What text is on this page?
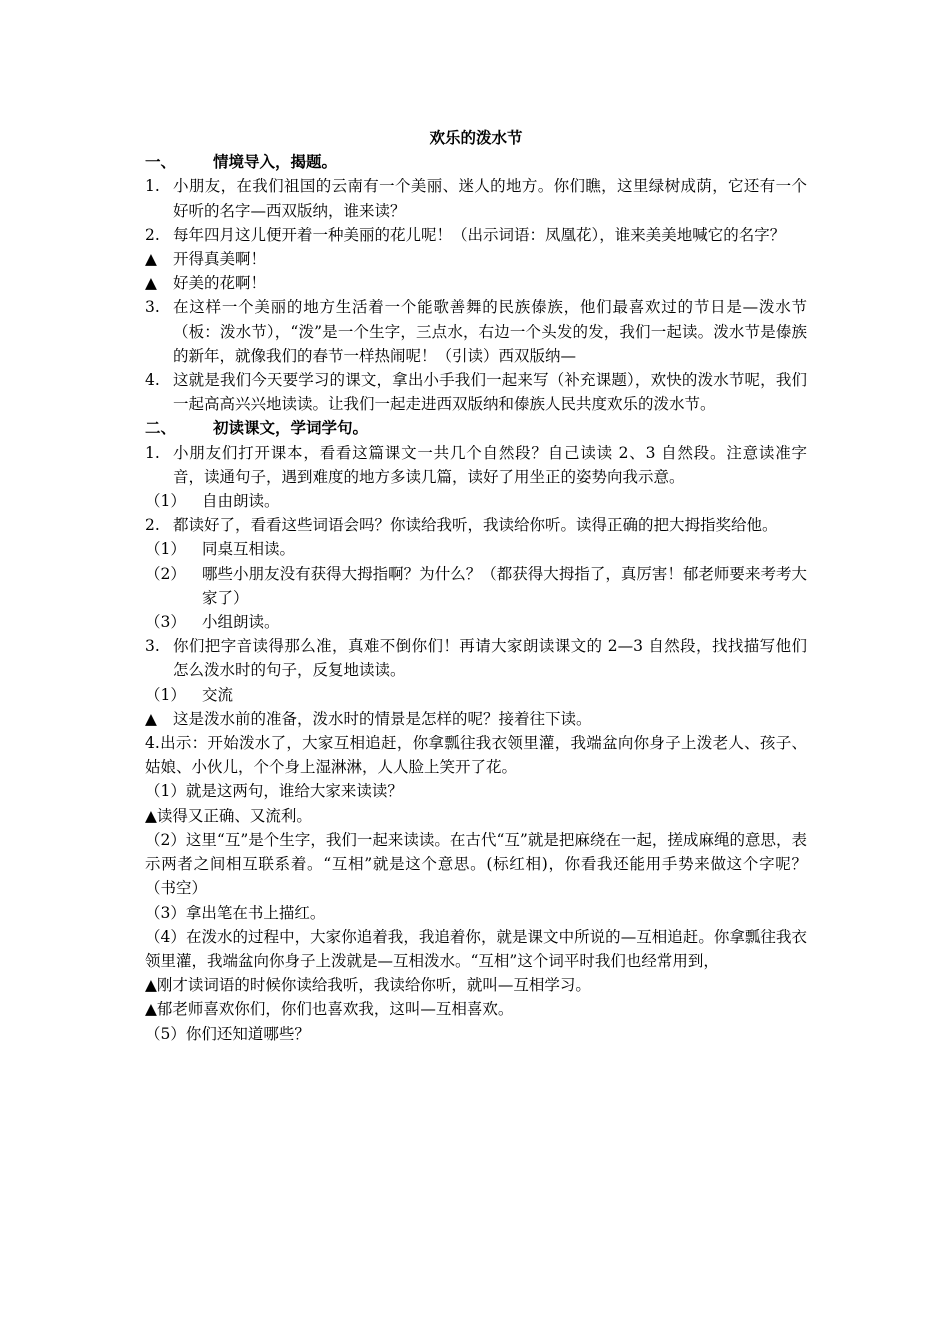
欢乐的泼水节

一、	情境导入，揭题。

1. 小朋友，在我们祖国的云南有一个美丽、迷人的地方。你们瞧，这里绿树成荫，它还有一个好听的名字—西双版纳，谁来读？

2. 每年四月这儿便开着一种美丽的花儿呢！（出示词语：凤凰花），谁来美美地喊它的名字？

▲	开得真美啊！

▲	好美的花啊！

3. 在这样一个美丽的地方生活着一个能歌善舞的民族傣族，他们最喜欢过的节日是—泼水节（板：泼水节），“泼”是一个生字，三点水，右边一个头发的发，我们一起读。泼水节是傣族的新年，就像我们的春节一样热闹呢！（引读）西双版纳—

4. 这就是我们今天要学习的课文，拿出小手我们一起来写（补充课题），欢快的泼水节呢，我们一起高高兴兴地读读。让我们一起走进西双版纳和傣族人民共度欢乐的泼水节。

二、	初读课文，学词学句。

1. 小朋友们打开课本，看看这篇课文一共几个自然段？自己读读 2、3 自然段。注意读准字音，读通句子，遇到难度的地方多读几篇，读好了用坐正的姿势向我示意。

（1）	自由朗读。

2. 都读好了，看看这些词语会吗？你读给我听，我读给你听。读得正确的把大拇指奖给他。

（1）	同桌互相读。

（2）	哪些小朋友没有获得大拇指啊？为什么？（都获得大拇指了，真厉害！郁老师要来考考大家了）

（3）	小组朗读。

3. 你们把字音读得那么准，真难不倒你们！再请大家朗读课文的 2—3 自然段，找找描写他们怎么泼水时的句子，反复地读读。

（1）	交流

▲	这是泼水前的准备，泼水时的情景是怎样的呢？接着往下读。

4.出示：开始泼水了，大家互相追赶，你拿瓢往我衣领里灌，我端盆向你身子上泼老人、孩子、姑娘、小伙儿，个个身上湿淋淋，人人脸上笑开了花。

（1）就是这两句，谁给大家来读读？

▲读得又正确、又流利。

（2）这里“互”是个生字，我们一起来读读。在古代“互”就是把麻绕在一起，搓成麻绳的意思，表示两者之间相互联系着。“互相”就是这个意思。(标红相)，你看我还能用手势来做这个字呢？（书空）

（3）拿出笔在书上描红。

（4）在泼水的过程中，大家你追着我，我追着你，就是课文中所说的—互相追赶。你拿瓢往我衣领里灌，我端盆向你身子上泼就是—互相泼水。“互相”这个词平时我们也经常用到，

▲刚才读词语的时候你读给我听，我读给你听，就叫—互相学习。

▲郁老师喜欢你们，你们也喜欢我，这叫—互相喜欢。

（5）你们还知道哪些？
